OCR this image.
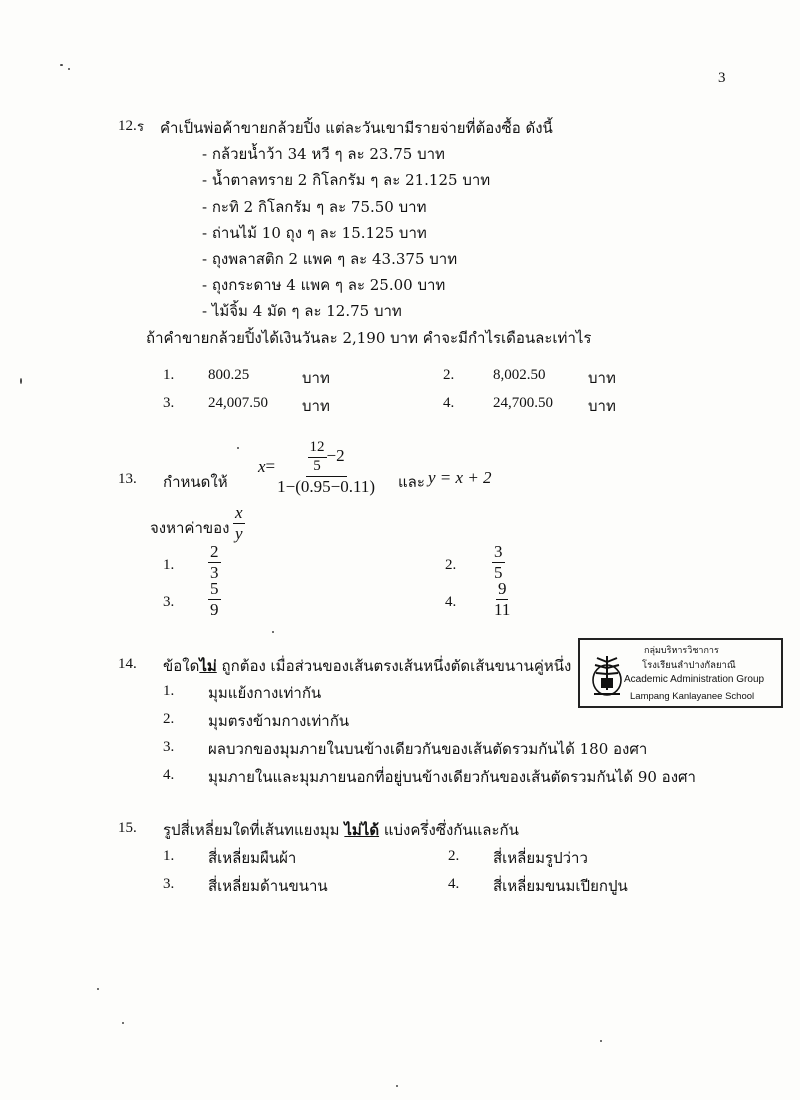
3
12. ร คำเป็นพ่อค้าขายกล้วยปิ้ง แต่ละวันเขามีรายจ่ายที่ต้องซื้อ ดังนี้
- กล้วยน้ำว้า 34 หวี ๆ ละ 23.75 บาท
- น้ำตาลทราย 2 กิโลกรัม ๆ ละ 21.125 บาท
- กะทิ 2 กิโลกรัม ๆ ละ 75.50 บาท
- ถ่านไม้ 10 ถุง ๆ ละ 15.125 บาท
- ถุงพลาสติก 2 แพค ๆ ละ 43.375 บาท
- ถุงกระดาษ 4 แพค ๆ ละ 25.00 บาท
- ไม้จิ้ม 4 มัด ๆ ละ 12.75 บาท
ถ้าคำขายกล้วยปิ้งได้เงินวันละ 2,190 บาท คำจะมีกำไรเดือนละเท่าไร
1. 800.25	บาท	2.	8,002.50	บาท
3. 24,007.50 บาท	4.	24,700.50 บาท
13. กำหนดให้
$x= \frac{\frac{12}{5} -2}{1-(0.95-0.11)}$ และ y = x + 2
จงหาค่าของ $\frac{x}{y}$
1. $\frac{2}{3}$	2. $\frac{3}{5}$
3. $\frac{5}{9}$	4. $\frac{9}{11}$
14. ข้อใดไม่ ถูกต้อง เมื่อส่วนของเส้นตรงเส้นหนึ่งตัดเส้นขนานคู่หนึ่ง
1. มุมแย้งกางเท่ากัน
2. มุมตรงข้ามกางเท่ากัน
3. ผลบวกของมุมภายในบนข้างเดียวกันของเส้นตัดรวมกันได้ 180 องศา
4. มุมภายในและมุมภายนอกที่อยู่บนข้างเดียวกันของเส้นตัดรวมกันได้ 90 องศา
กลุ่มบริหารวิชาการ
โรงเรียนลำปางกัลยาณี
Academic Administration Group
Lampang Kanlayanee School
15. รูปสี่เหลี่ยมใดที่เส้นทแยงมุม ไม่ได้ แบ่งครึ่งซึ่งกันและกัน
1. สี่เหลี่ยมผืนผ้า	2. สี่เหลี่ยมรูปว่าว
3. สี่เหลี่ยมด้านขนาน	4. สี่เหลี่ยมขนมเปียกปูน
